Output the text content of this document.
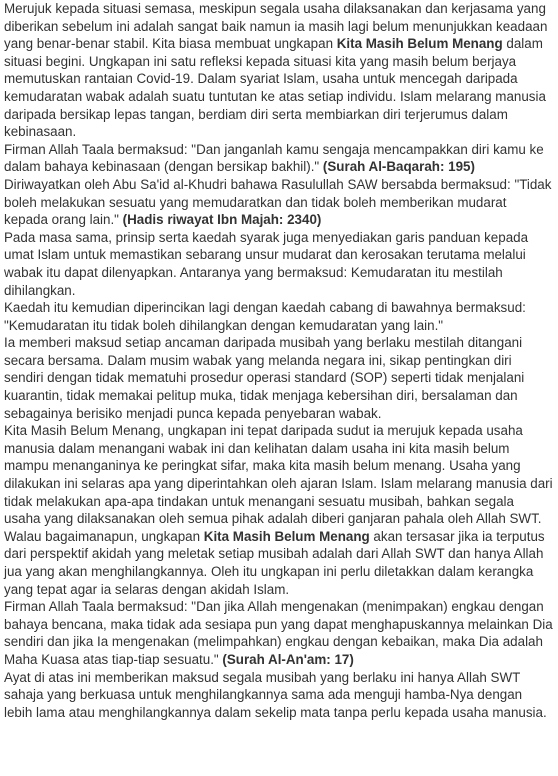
Merujuk kepada situasi semasa, meskipun segala usaha dilaksanakan dan kerjasama yang diberikan sebelum ini adalah sangat baik namun ia masih lagi belum menunjukkan keadaan yang benar-benar stabil. Kita biasa membuat ungkapan Kita Masih Belum Menang dalam situasi begini. Ungkapan ini satu refleksi kepada situasi kita yang masih belum berjaya memutuskan rantaian Covid-19. Dalam syariat Islam, usaha untuk mencegah daripada kemudaratan wabak adalah suatu tuntutan ke atas setiap individu. Islam melarang manusia daripada bersikap lepas tangan, berdiam diri serta membiarkan diri terjerumus dalam kebinasaan.

Firman Allah Taala bermaksud: "Dan janganlah kamu sengaja mencampakkan diri kamu ke dalam bahaya kebinasaan (dengan bersikap bakhil)." (Surah Al-Baqarah: 195)

Diriwayatkan oleh Abu Sa'id al-Khudri bahawa Rasulullah SAW bersabda bermaksud: "Tidak boleh melakukan sesuatu yang memudaratkan dan tidak boleh memberikan mudarat kepada orang lain." (Hadis riwayat Ibn Majah: 2340)

Pada masa sama, prinsip serta kaedah syarak juga menyediakan garis panduan kepada umat Islam untuk memastikan sebarang unsur mudarat dan kerosakan terutama melalui wabak itu dapat dilenyapkan. Antaranya yang bermaksud: Kemudaratan itu mestilah dihilangkan.

Kaedah itu kemudian diperincikan lagi dengan kaedah cabang di bawahnya bermaksud: "Kemudaratan itu tidak boleh dihilangkan dengan kemudaratan yang lain."

Ia memberi maksud setiap ancaman daripada musibah yang berlaku mestilah ditangani secara bersama. Dalam musim wabak yang melanda negara ini, sikap pentingkan diri sendiri dengan tidak mematuhi prosedur operasi standard (SOP) seperti tidak menjalani kuarantin, tidak memakai pelitup muka, tidak menjaga kebersihan diri, bersalaman dan sebagainya berisiko menjadi punca kepada penyebaran wabak.

Kita Masih Belum Menang, ungkapan ini tepat daripada sudut ia merujuk kepada usaha manusia dalam menangani wabak ini dan kelihatan dalam usaha ini kita masih belum mampu menanganinya ke peringkat sifar, maka kita masih belum menang. Usaha yang dilakukan ini selaras apa yang diperintahkan oleh ajaran Islam. Islam melarang manusia dari tidak melakukan apa-apa tindakan untuk menangani sesuatu musibah, bahkan segala usaha yang dilaksanakan oleh semua pihak adalah diberi ganjaran pahala oleh Allah SWT.

Walau bagaimanapun, ungkapan Kita Masih Belum Menang akan tersasar jika ia terputus dari perspektif akidah yang meletak setiap musibah adalah dari Allah SWT dan hanya Allah jua yang akan menghilangkannya. Oleh itu ungkapan ini perlu diletakkan dalam kerangka yang tepat agar ia selaras dengan akidah Islam.

Firman Allah Taala bermaksud: "Dan jika Allah mengenakan (menimpakan) engkau dengan bahaya bencana, maka tidak ada sesiapa pun yang dapat menghapuskannya melainkan Dia sendiri dan jika Ia mengenakan (melimpahkan) engkau dengan kebaikan, maka Dia adalah Maha Kuasa atas tiap-tiap sesuatu." (Surah Al-An'am: 17)

Ayat di atas ini memberikan maksud segala musibah yang berlaku ini hanya Allah SWT sahaja yang berkuasa untuk menghilangkannya sama ada menguji hamba-Nya dengan lebih lama atau menghilangkannya dalam sekelip mata tanpa perlu kepada usaha manusia.
